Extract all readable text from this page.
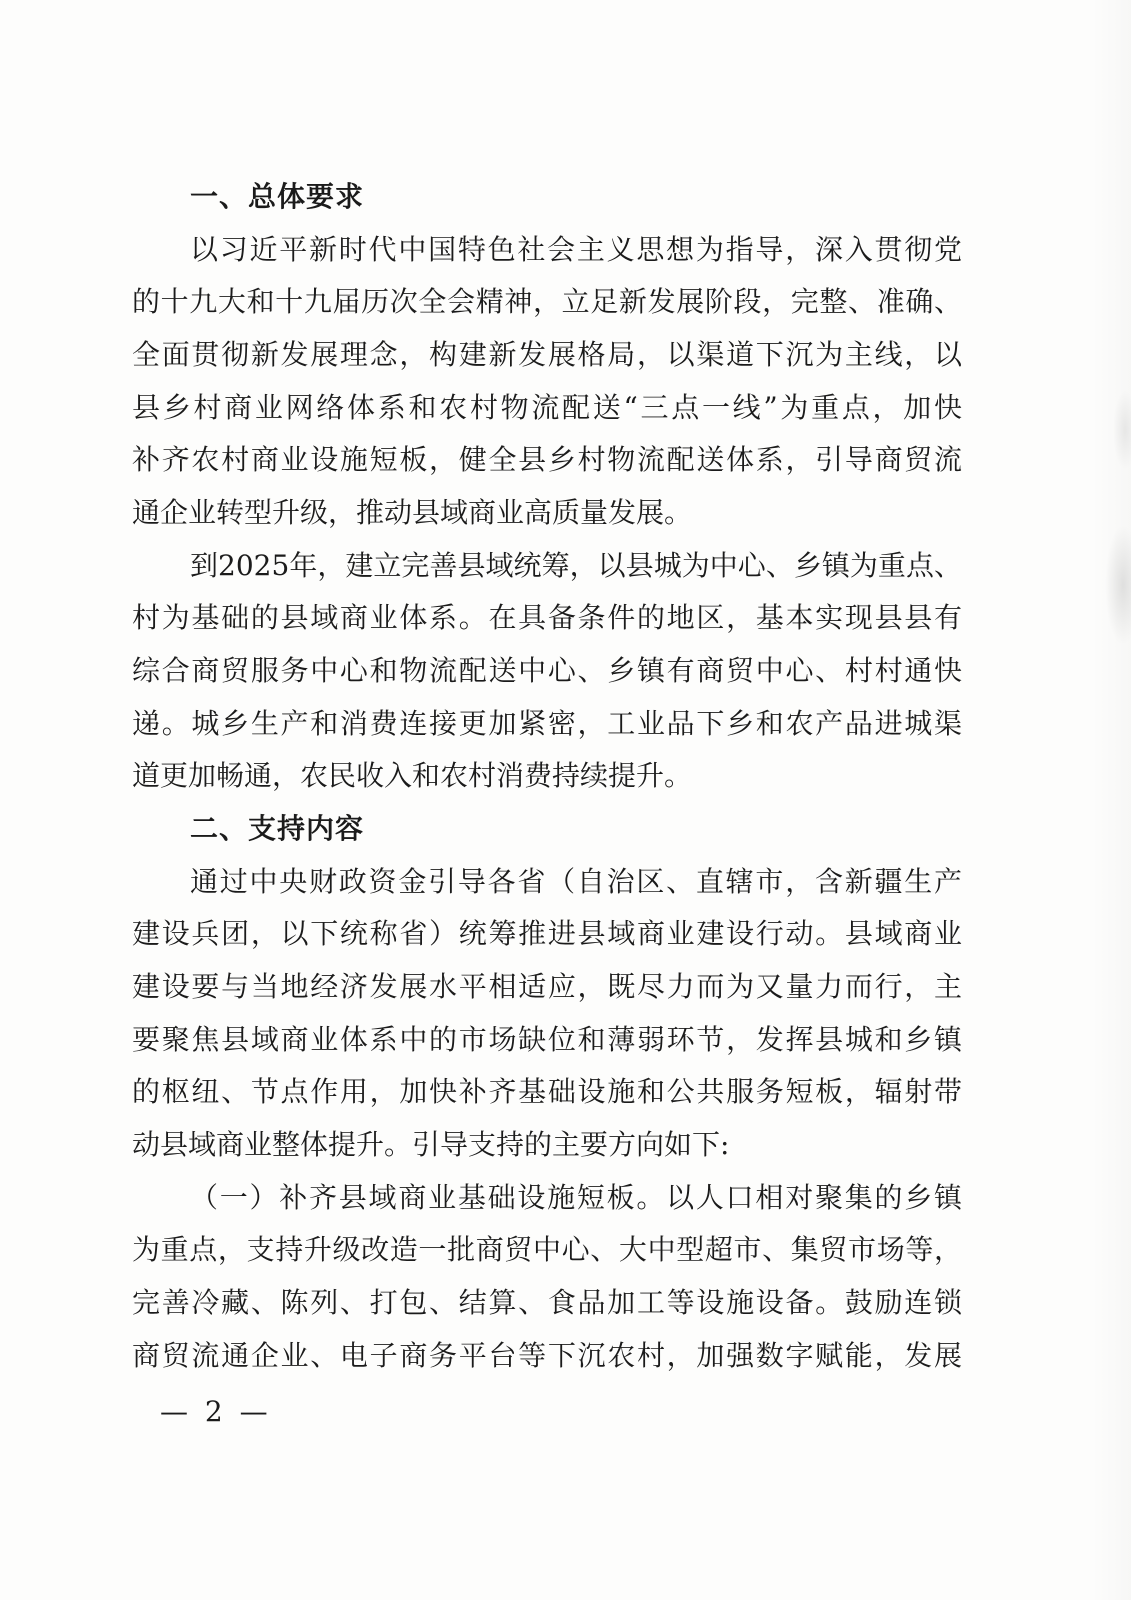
一、总体要求
以习近平新时代中国特色社会主义思想为指导，深入贯彻党
的十九大和十九届历次全会精神，立足新发展阶段，完整、准确、
全面贯彻新发展理念，构建新发展格局，以渠道下沉为主线，以
县乡村商业网络体系和农村物流配送“三点一线”为重点，加快
补齐农村商业设施短板，健全县乡村物流配送体系，引导商贸流
通企业转型升级，推动县域商业高质量发展。
到2025年，建立完善县域统筹，以县城为中心、乡镇为重点、
村为基础的县域商业体系。在具备条件的地区，基本实现县县有
综合商贸服务中心和物流配送中心、乡镇有商贸中心、村村通快
递。城乡生产和消费连接更加紧密，工业品下乡和农产品进城渠
道更加畅通，农民收入和农村消费持续提升。
二、支持内容
通过中央财政资金引导各省（自治区、直辖市，含新疆生产
建设兵团，以下统称省）统筹推进县域商业建设行动。县域商业
建设要与当地经济发展水平相适应，既尽力而为又量力而行，主
要聚焦县域商业体系中的市场缺位和薄弱环节，发挥县城和乡镇
的枢纽、节点作用，加快补齐基础设施和公共服务短板，辐射带
动县域商业整体提升。引导支持的主要方向如下:
（一）补齐县域商业基础设施短板。以人口相对聚集的乡镇
为重点，支持升级改造一批商贸中心、大中型超市、集贸市场等，
完善冷藏、陈列、打包、结算、食品加工等设施设备。鼓励连锁
商贸流通企业、电子商务平台等下沉农村，加强数字赋能，发展
— 2 —
